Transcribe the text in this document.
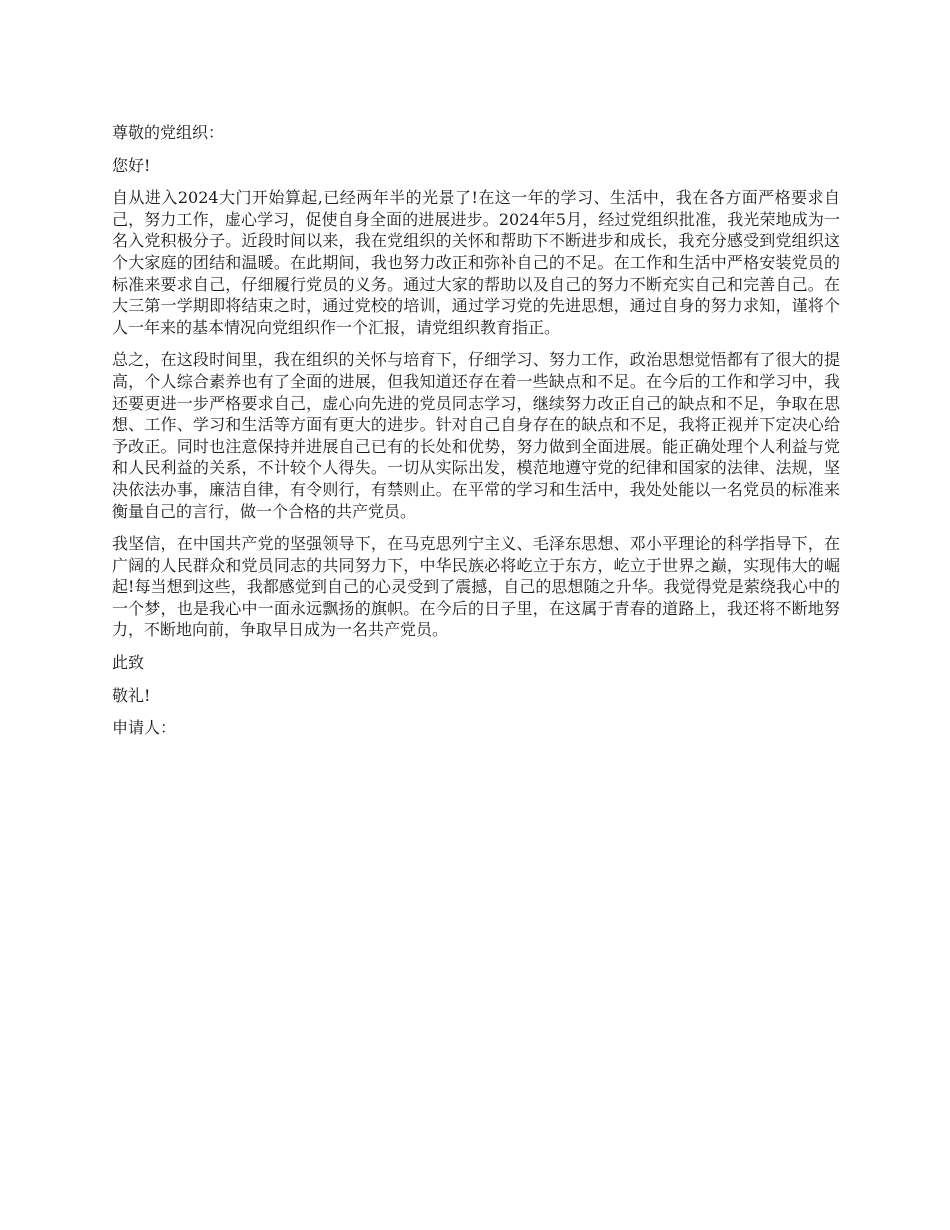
尊敬的党组织：

您好!

自从进入2024大门开始算起,已经两年半的光景了!在这一年的学习、生活中，我在各方面严格要求自己，努力工作，虚心学习，促使自身全面的进展进步。2024年5月，经过党组织批准，我光荣地成为一名入党积极分子。近段时间以来，我在党组织的关怀和帮助下不断进步和成长，我充分感受到党组织这个大家庭的团结和温暖。在此期间，我也努力改正和弥补自己的不足。在工作和生活中严格安装党员的标准来要求自己，仔细履行党员的义务。通过大家的帮助以及自己的努力不断充实自己和完善自己。在大三第一学期即将结束之时，通过党校的培训，通过学习党的先进思想，通过自身的努力求知，谨将个人一年来的基本情况向党组织作一个汇报，请党组织教育指正。

总之，在这段时间里，我在组织的关怀与培育下，仔细学习、努力工作，政治思想觉悟都有了很大的提高，个人综合素养也有了全面的进展，但我知道还存在着一些缺点和不足。在今后的工作和学习中，我还要更进一步严格要求自己，虚心向先进的党员同志学习，继续努力改正自己的缺点和不足，争取在思想、工作、学习和生活等方面有更大的进步。针对自己自身存在的缺点和不足，我将正视并下定决心给予改正。同时也注意保持并进展自己已有的长处和优势，努力做到全面进展。能正确处理个人利益与党和人民利益的关系，不计较个人得失。一切从实际出发，模范地遵守党的纪律和国家的法律、法规，坚决依法办事，廉洁自律，有令则行，有禁则止。在平常的学习和生活中，我处处能以一名党员的标准来衡量自己的言行，做一个合格的共产党员。

我坚信，在中国共产党的坚强领导下，在马克思列宁主义、毛泽东思想、邓小平理论的科学指导下，在广阔的人民群众和党员同志的共同努力下，中华民族必将屹立于东方，屹立于世界之巅，实现伟大的崛起!每当想到这些，我都感觉到自己的心灵受到了震撼，自己的思想随之升华。我觉得党是萦绕我心中的一个梦，也是我心中一面永远飘扬的旗帜。在今后的日子里，在这属于青春的道路上，我还将不断地努力，不断地向前，争取早日成为一名共产党员。

此致

敬礼!

申请人：
